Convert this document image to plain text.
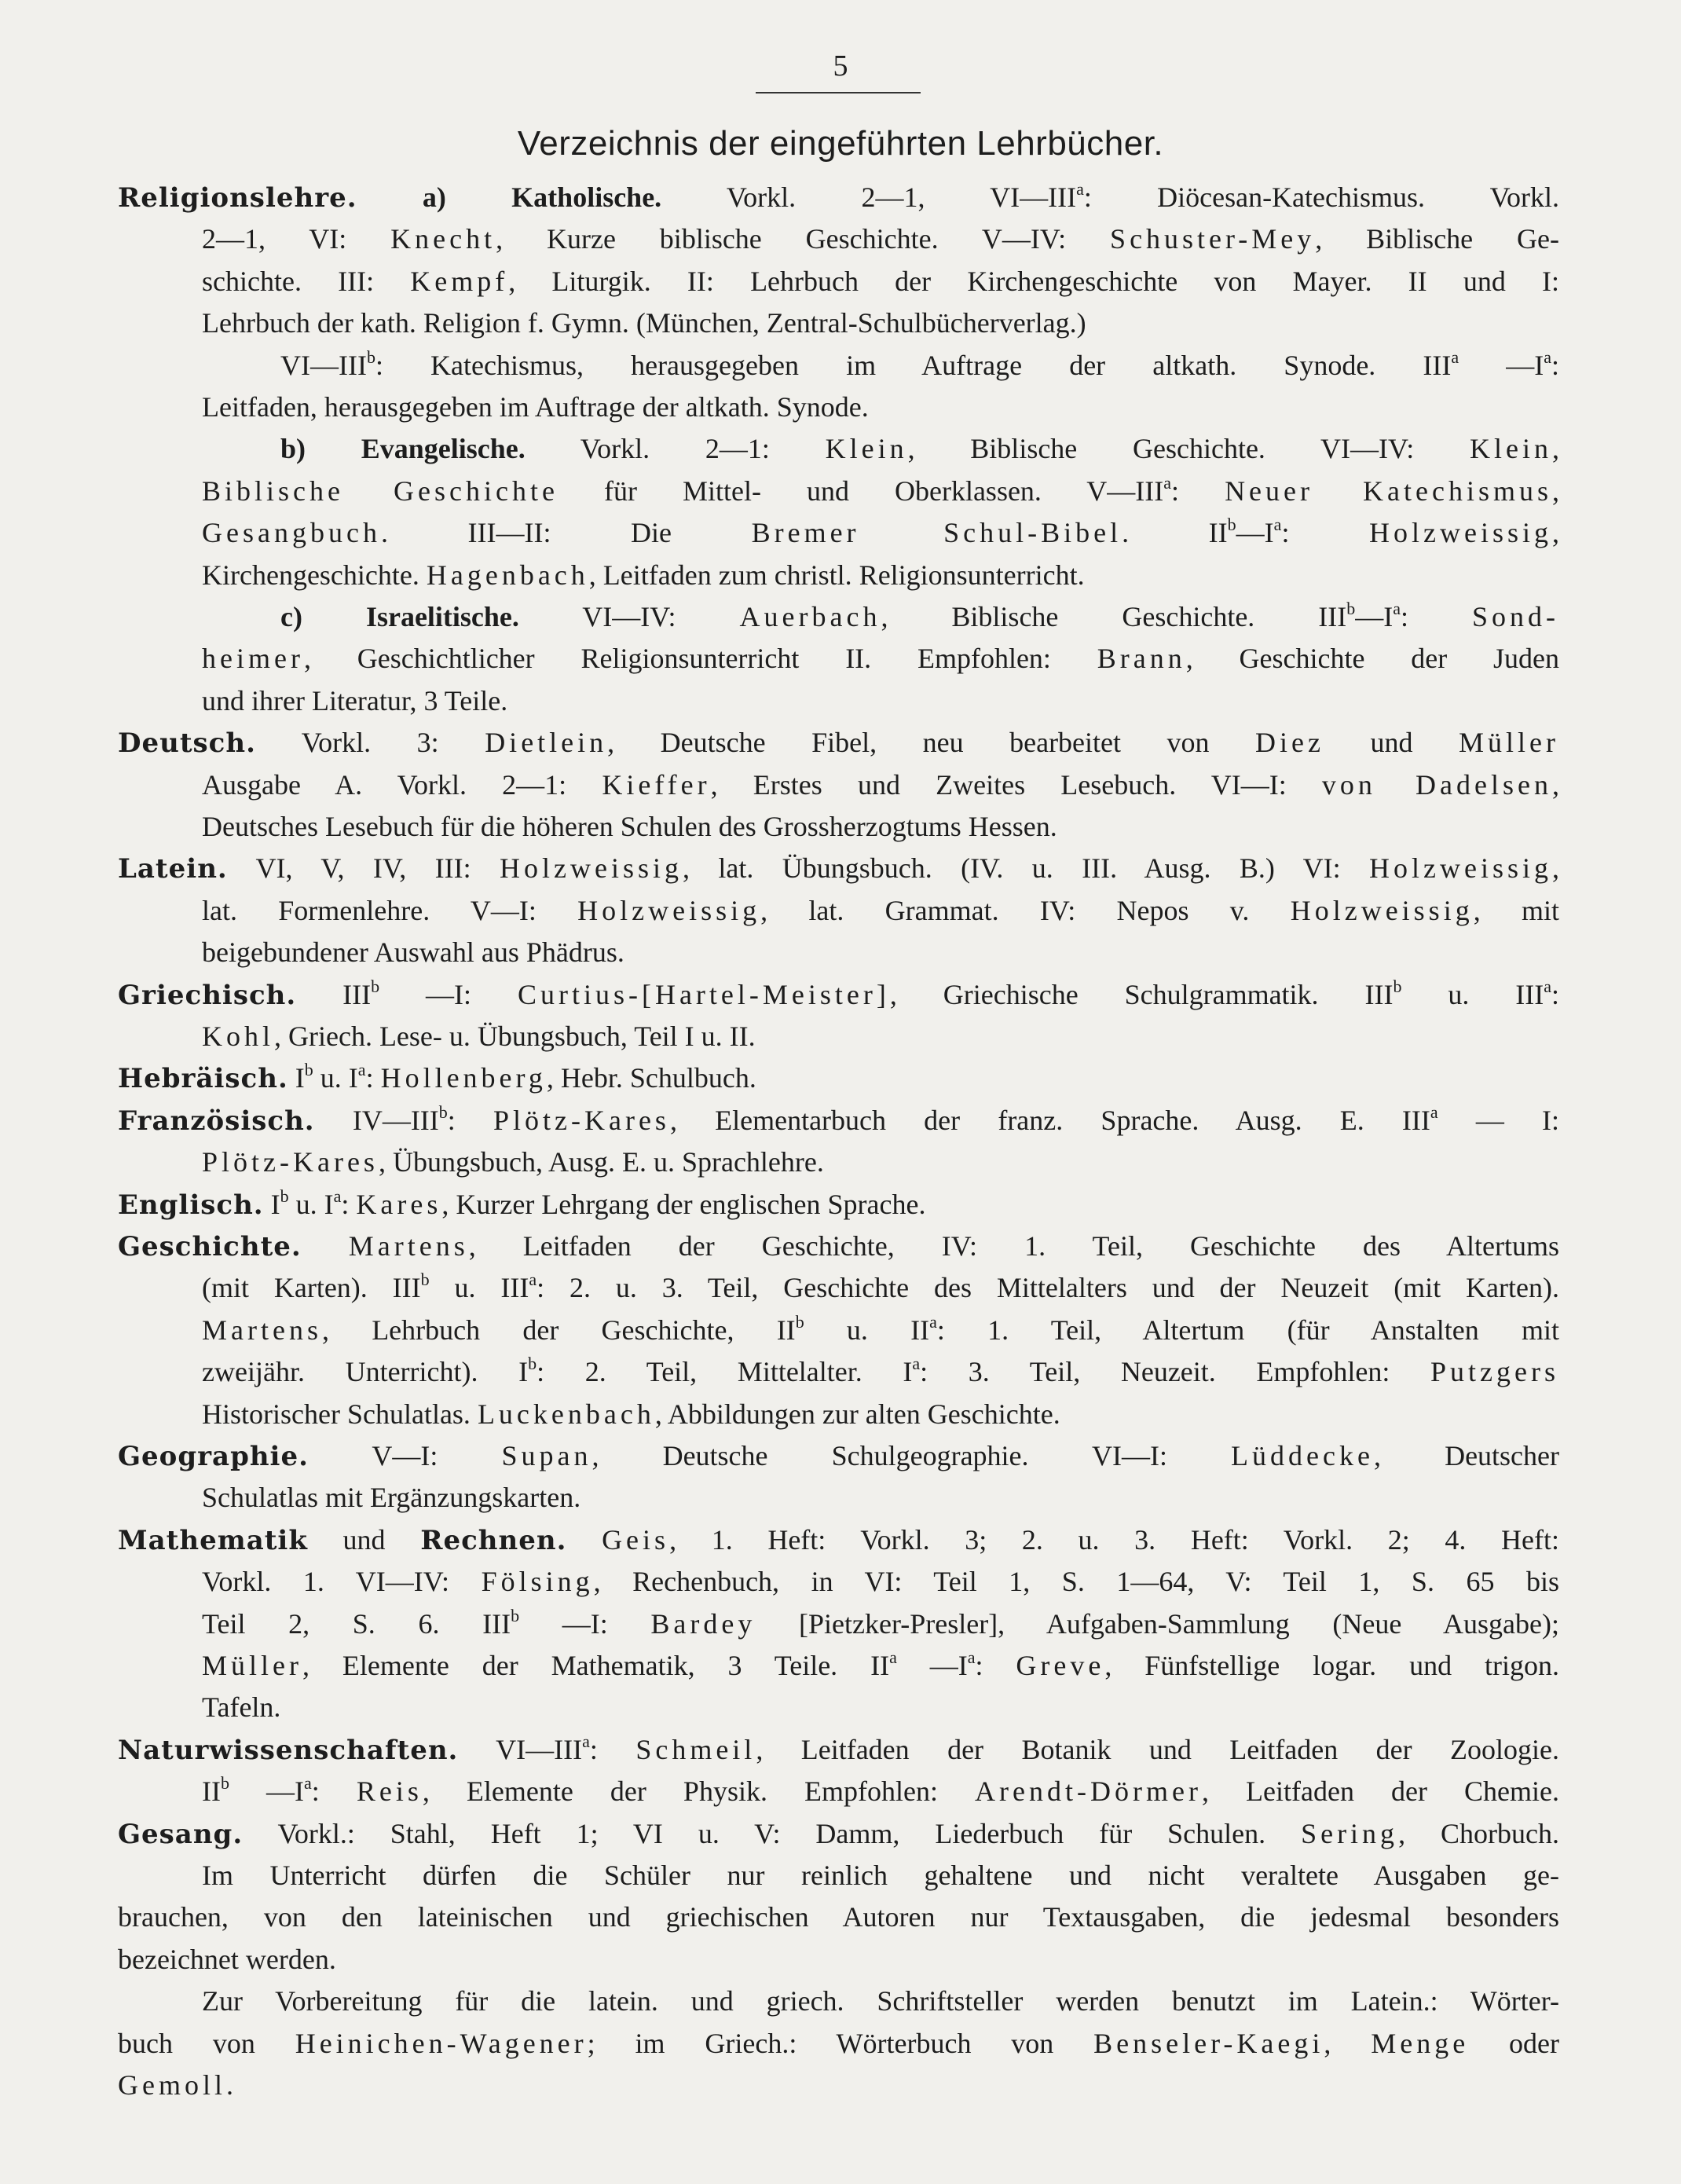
5
Verzeichnis der eingeführten Lehrbücher.
Religionslehre. a) Katholische. Vorkl. 2—1, VI—III$^a$: Diöcesan-Katechismus. Vorkl.
2—1, VI: Knecht, Kurze biblische Geschichte. V—IV: Schuster-Mey, Biblische Ge-
schichte. III: Kempf, Liturgik. II: Lehrbuch der Kirchengeschichte von Mayer. II und I:
Lehrbuch der kath. Religion f. Gymn. (München, Zentral-Schulbücherverlag.)
VI—III$^b$: Katechismus, herausgegeben im Auftrage der altkath. Synode. III$^a$ $—I^a$:
Leitfaden, herausgegeben im Auftrage der altkath. Synode.
b) Evangelische. Vorkl. 2—1: Klein, Biblische Geschichte. VI—IV: Klein,
Biblische Geschichte für Mittel- und Oberklassen. V—III$^a$: Neuer Katechismus,
Gesangbuch. III—II: Die Bremer Schul-Bibel. $II^b—I^a$: Holzweissig,
Kirchengeschichte. Hagenbach, Leitfaden zum christl. Religionsunterricht.
c) Israelitische. VI—IV: Auerbach, Biblische Geschichte. $III^b—I^a$: Sond-
heimer, Geschichtlicher Religionsunterricht II. Empfohlen: Brann, Geschichte der Juden
und ihrer Literatur, 3 Teile.
Deutsch. Vorkl. 3: Dietlein, Deutsche Fibel, neu bearbeitet von Diez und Müller
Ausgabe A. Vorkl. 2—1: Kieffer, Erstes und Zweites Lesebuch. VI—I: von Dadelsen,
Deutsches Lesebuch für die höheren Schulen des Grossherzogtums Hessen.
Latein. VI, V, IV, III: Holzweissig, lat. Übungsbuch. (IV. u. III. Ausg. B.) VI: Holzweissig,
lat. Formenlehre. V—I: Holzweissig, lat. Grammat. IV: Nepos v. Holzweissig, mit
beigebundener Auswahl aus Phädrus.
Griechisch. III$^b$ —I: Curtius-[Hartel-Meister], Griechische Schulgrammatik. III$^b$ u. III$^a$:
Kohl, Griech. Lese- u. Übungsbuch, Teil I u. II.
Hebräisch. $I^b$ u. $I^a$: Hollenberg, Hebr. Schulbuch.
Französisch. IV—III$^b$: Plötz-Kares, Elementarbuch der franz. Sprache. Ausg. E. III$^a$ — I:
Plötz-Kares, Übungsbuch, Ausg. E. u. Sprachlehre.
Englisch. $I^b$ u. $I^a$: Kares, Kurzer Lehrgang der englischen Sprache.
Geschichte. Martens, Leitfaden der Geschichte, IV: 1. Teil, Geschichte des Altertums
(mit Karten). III$^b$ u. III$^a$: 2. u. 3. Teil, Geschichte des Mittelalters und der Neuzeit (mit Karten).
Martens, Lehrbuch der Geschichte, $II^b$ u. $II^a$: 1. Teil, Altertum (für Anstalten mit
zweijähr. Unterricht). $I^b$: 2. Teil, Mittelalter. $I^a$: 3. Teil, Neuzeit. Empfohlen: Putzgers
Historischer Schulatlas. Luckenbach, Abbildungen zur alten Geschichte.
Geographie. V—I: Supan, Deutsche Schulgeographie. VI—I: Lüddecke, Deutscher
Schulatlas mit Ergänzungskarten.
Mathematik und Rechnen. Geis, 1. Heft: Vorkl. 3; 2. u. 3. Heft: Vorkl. 2; 4. Heft:
Vorkl. 1. VI—IV: Fölsing, Rechenbuch, in VI: Teil 1, S. 1—64, V: Teil 1, S. 65 bis
Teil 2, S. 6. III$^b$ —I: Bardey [Pietzker-Presler], Aufgaben-Sammlung (Neue Ausgabe);
Müller, Elemente der Mathematik, 3 Teile. $II^a$ $—I^a$: Greve, Fünfstellige logar. und trigon.
Tafeln.
Naturwissenschaften. VI—III$^a$: Schmeil, Leitfaden der Botanik und Leitfaden der Zoologie.
$II^b$ $—I^a$: Reis, Elemente der Physik. Empfohlen: Arendt-Dörmer, Leitfaden der Chemie.
Gesang. Vorkl.: Stahl, Heft 1; VI u. V: Damm, Liederbuch für Schulen. Sering, Chorbuch.
Im Unterricht dürfen die Schüler nur reinlich gehaltene und nicht veraltete Ausgaben ge-
brauchen, von den lateinischen und griechischen Autoren nur Textausgaben, die jedesmal besonders
bezeichnet werden.
Zur Vorbereitung für die latein. und griech. Schriftsteller werden benutzt im Latein.: Wörter-
buch von Heinichen-Wagener; im Griech.: Wörterbuch von Benseler-Kaegi, Menge oder
Gemoll.
